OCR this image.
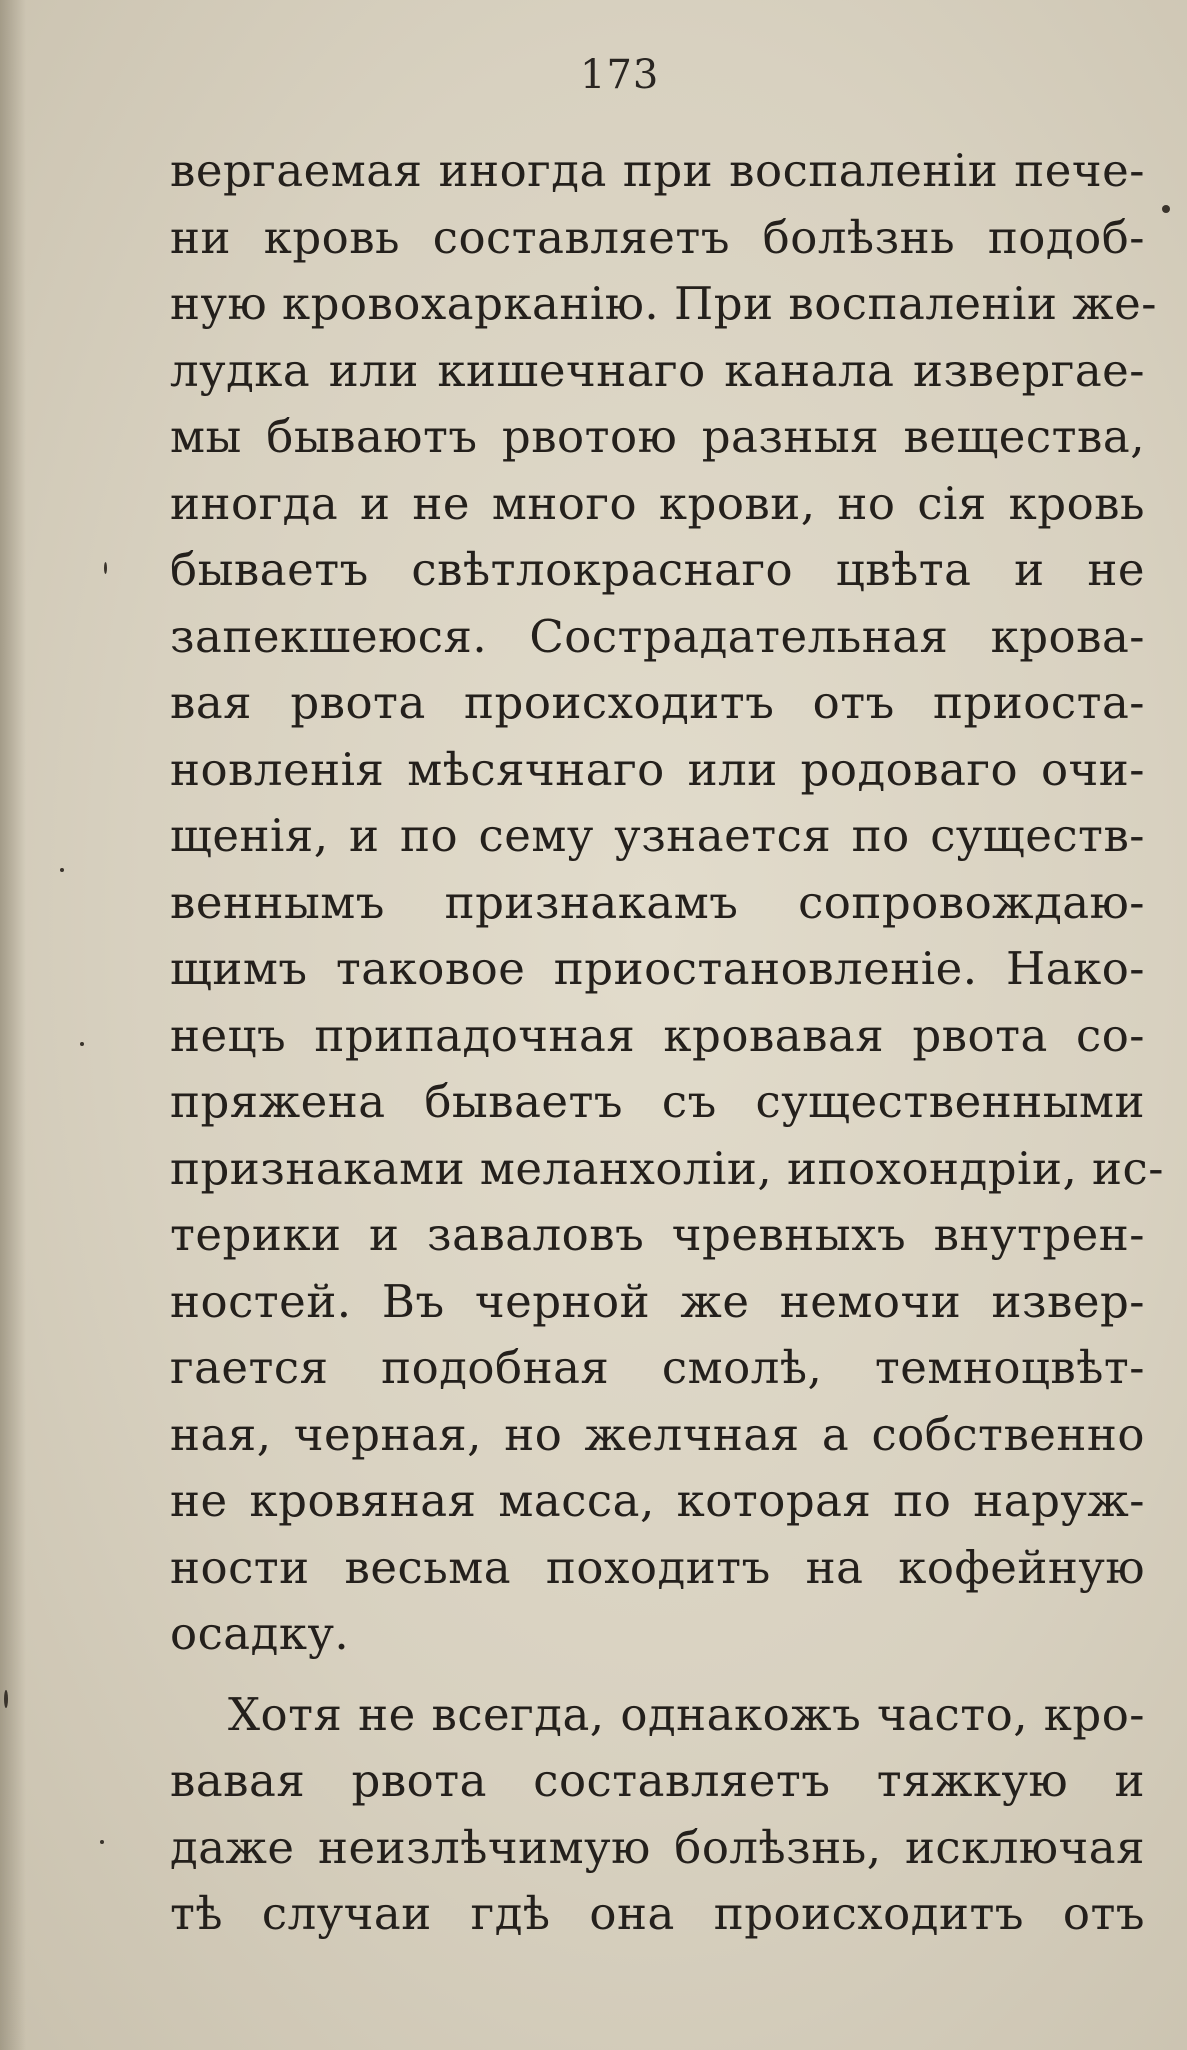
173
вергаемая иногда при воспаленіи пече-
ни кровь составляетъ болѣзнь подоб-
ную кровохарканію. При воспаленіи же-
лудка или кишечнаго канала извергае-
мы бываютъ рвотою разныя вещества,
иногда и не много крови, но сія кровь
бываетъ свѣтлокраснаго цвѣта и не
запекшеюся. Сострадательная крова-
вая рвота происходитъ отъ приоста-
новленія мѣсячнаго или родоваго очи-
щенія, и по сему узнается по существ-
веннымъ признакамъ сопровождаю-
щимъ таковое приостановленіе. Нако-
нецъ припадочная кровавая рвота со-
пряжена бываетъ съ существенными
признаками меланхоліи, ипохондріи, ис-
терики и заваловъ чревныхъ внутрен-
ностей. Въ черной же немочи извер-
гается подобная смолѣ, темноцвѣт-
ная, черная, но желчная а собственно
не кровяная масса, которая по наруж-
ности весьма походитъ на кофейную
осадку.
Хотя не всегда, однакожъ часто, кро-
вавая рвота составляетъ тяжкую и
даже неизлѣчимую болѣзнь, исключая
тѣ случаи гдѣ она происходитъ отъ
